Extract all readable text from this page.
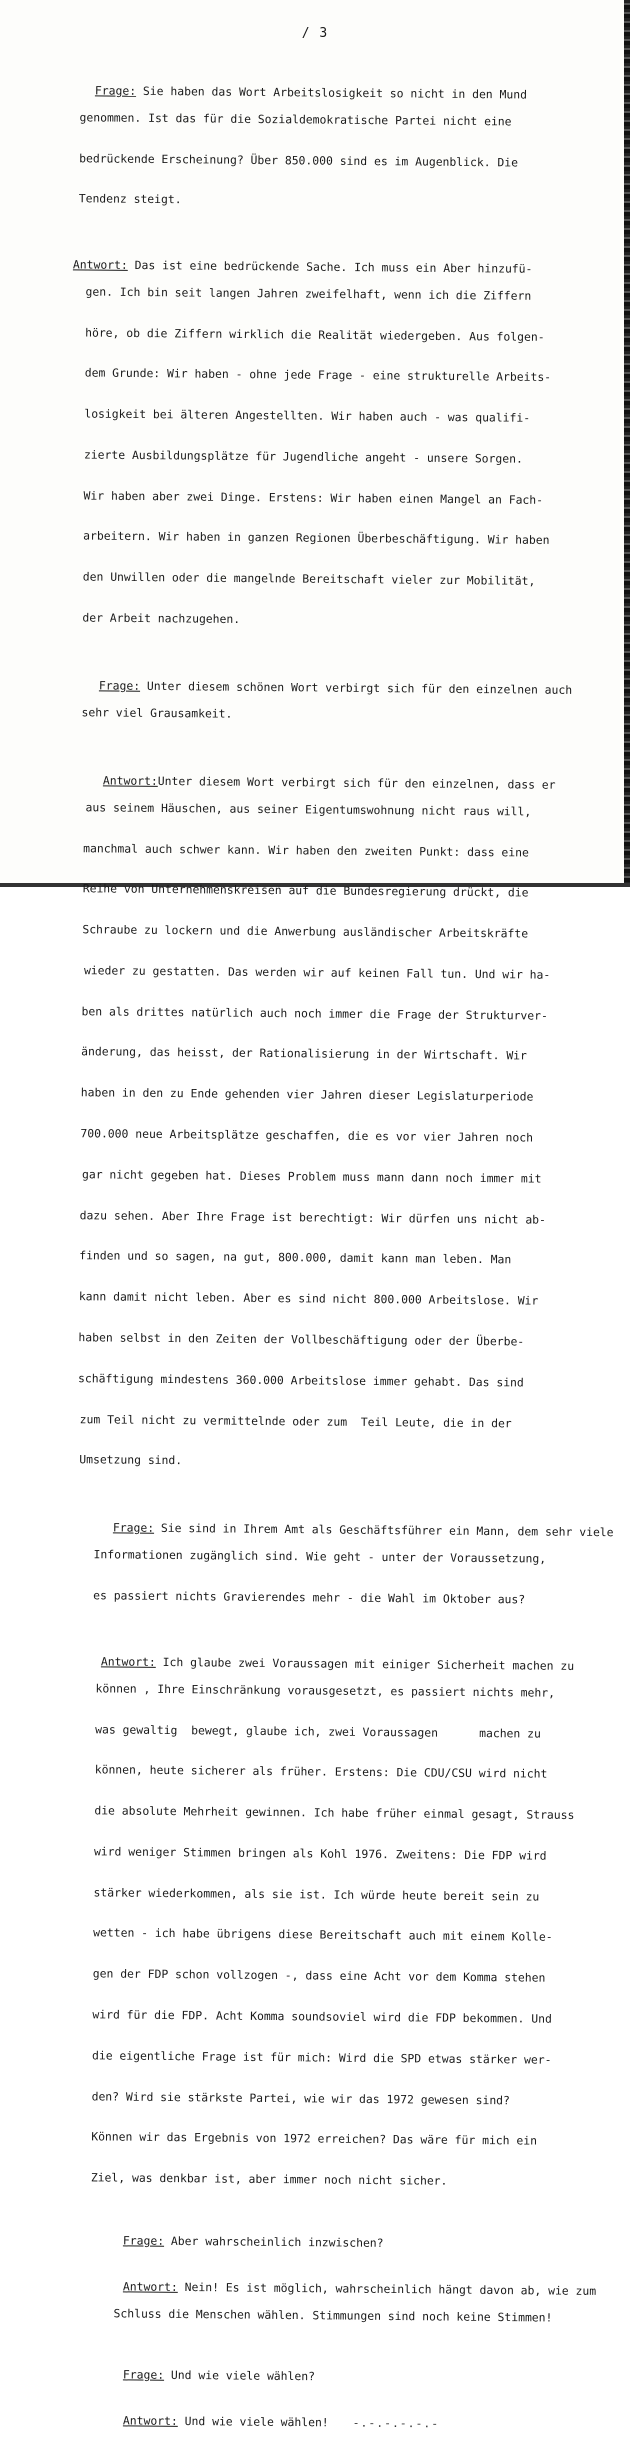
/ 3

Frage: Sie haben das Wort Arbeitslosigkeit so nicht in den Mund

genommen. Ist das für die Sozialdemokratische Partei nicht eine

bedrückende Erscheinung? Über 850.000 sind es im Augenblick. Die

Tendenz steigt.

Antwort: Das ist eine bedrückende Sache. Ich muss ein Aber hinzufü-

gen. Ich bin seit langen Jahren zweifelhaft, wenn ich die Ziffern

höre, ob die Ziffern wirklich die Realität wiedergeben. Aus folgen-

dem Grunde: Wir haben - ohne jede Frage - eine strukturelle Arbeits-

losigkeit bei älteren Angestellten. Wir haben auch - was qualifi-

zierte Ausbildungsplätze für Jugendliche angeht - unsere Sorgen.

Wir haben aber zwei Dinge. Erstens: Wir haben einen Mangel an Fach-

arbeitern. Wir haben in ganzen Regionen Überbeschäftigung. Wir haben

den Unwillen oder die mangelnde Bereitschaft vieler zur Mobilität,

der Arbeit nachzugehen.

Frage: Unter diesem schönen Wort verbirgt sich für den einzelnen auch

sehr viel Grausamkeit.

Antwort:Unter diesem Wort verbirgt sich für den einzelnen, dass er

aus seinem Häuschen, aus seiner Eigentumswohnung nicht raus will,

manchmal auch schwer kann. Wir haben den zweiten Punkt: dass eine

Reihe von Unternehmenskreisen auf die Bundesregierung drückt, die

Schraube zu lockern und die Anwerbung ausländischer Arbeitskräfte

wieder zu gestatten. Das werden wir auf keinen Fall tun. Und wir ha-

ben als drittes natürlich auch noch immer die Frage der Strukturver-

änderung, das heisst, der Rationalisierung in der Wirtschaft. Wir

haben in den zu Ende gehenden vier Jahren dieser Legislaturperiode

700.000 neue Arbeitsplätze geschaffen, die es vor vier Jahren noch

gar nicht gegeben hat. Dieses Problem muss mann dann noch immer mit

dazu sehen. Aber Ihre Frage ist berechtigt: Wir dürfen uns nicht ab-

finden und so sagen, na gut, 800.000, damit kann man leben. Man

kann damit nicht leben. Aber es sind nicht 800.000 Arbeitslose. Wir

haben selbst in den Zeiten der Vollbeschäftigung oder der Überbe-

schäftigung mindestens 360.000 Arbeitslose immer gehabt. Das sind

zum Teil nicht zu vermittelnde oder zum  Teil Leute, die in der

Umsetzung sind.

Frage: Sie sind in Ihrem Amt als Geschäftsführer ein Mann, dem sehr viele

Informationen zugänglich sind. Wie geht - unter der Voraussetzung,

es passiert nichts Gravierendes mehr - die Wahl im Oktober aus?

Antwort: Ich glaube zwei Voraussagen mit einiger Sicherheit machen zu

können , Ihre Einschränkung vorausgesetzt, es passiert nichts mehr,

was gewaltig  bewegt, glaube ich, zwei Voraussagen      machen zu

können, heute sicherer als früher. Erstens: Die CDU/CSU wird nicht

die absolute Mehrheit gewinnen. Ich habe früher einmal gesagt, Strauss

wird weniger Stimmen bringen als Kohl 1976. Zweitens: Die FDP wird

stärker wiederkommen, als sie ist. Ich würde heute bereit sein zu

wetten - ich habe übrigens diese Bereitschaft auch mit einem Kolle-

gen der FDP schon vollzogen -, dass eine Acht vor dem Komma stehen

wird für die FDP. Acht Komma soundsoviel wird die FDP bekommen. Und

die eigentliche Frage ist für mich: Wird die SPD etwas stärker wer-

den? Wird sie stärkste Partei, wie wir das 1972 gewesen sind?

Können wir das Ergebnis von 1972 erreichen? Das wäre für mich ein

Ziel, was denkbar ist, aber immer noch nicht sicher.

Frage: Aber wahrscheinlich inzwischen?

Antwort: Nein! Es ist möglich, wahrscheinlich hängt davon ab, wie zum

Schluss die Menschen wählen. Stimmungen sind noch keine Stimmen!

Frage: Und wie viele wählen?

Antwort: Und wie viele wählen! -.-.-.-.-.-
